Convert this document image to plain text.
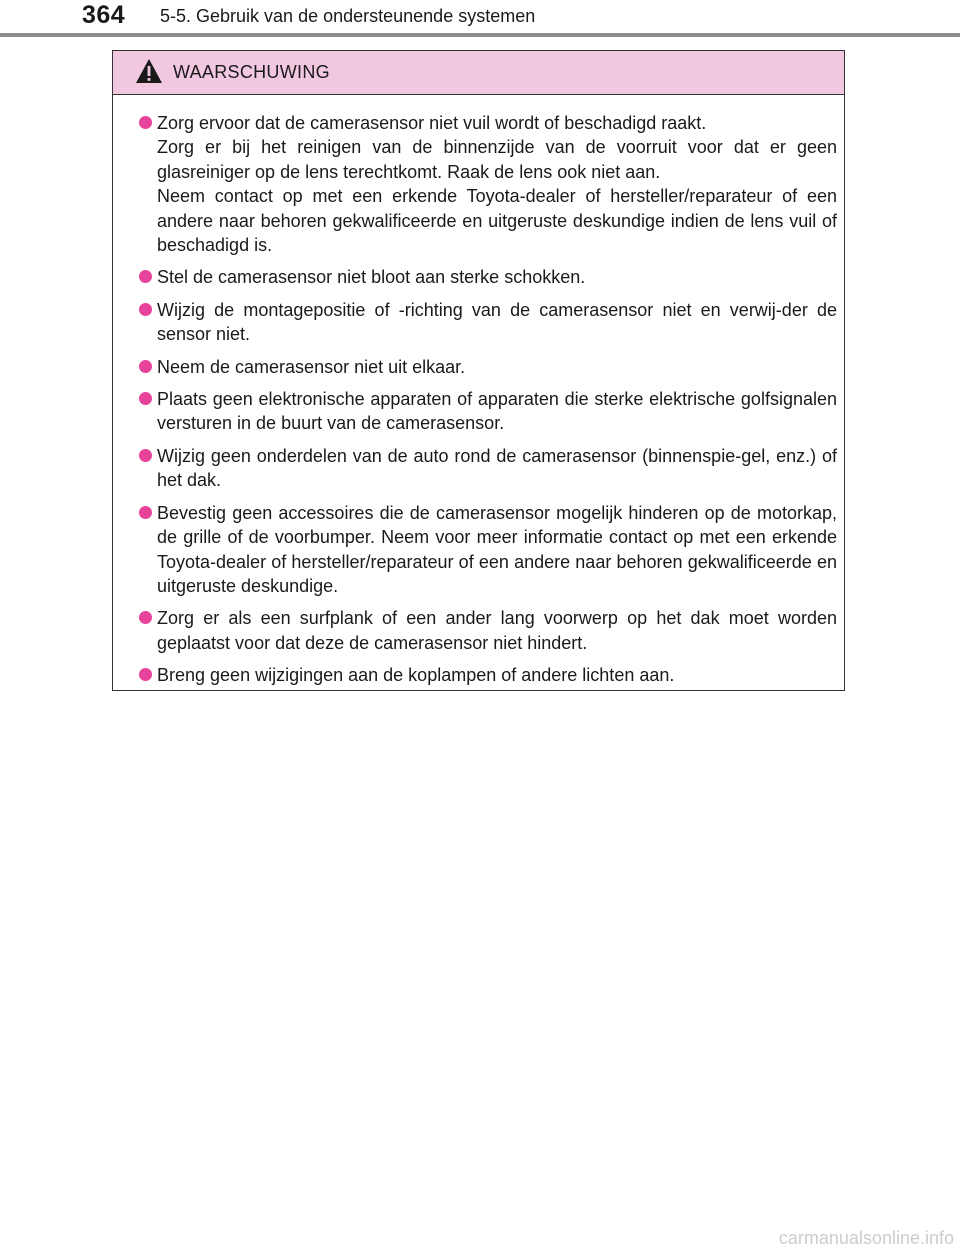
364 5-5. Gebruik van de ondersteunende systemen
WAARSCHUWING

Zorg ervoor dat de camerasensor niet vuil wordt of beschadigd raakt.

Zorg er bij het reinigen van de binnenzijde van de voorruit voor dat er geen glasreiniger op de lens terechtkomt. Raak de lens ook niet aan.

Neem contact op met een erkende Toyota-dealer of hersteller/reparateur of een andere naar behoren gekwalificeerde en uitgeruste deskundige indien de lens vuil of beschadigd is.

Stel de camerasensor niet bloot aan sterke schokken.

Wijzig de montagepositie of -richting van de camerasensor niet en verwij-der de sensor niet.

Neem de camerasensor niet uit elkaar.

Plaats geen elektronische apparaten of apparaten die sterke elektrische golfsignalen versturen in de buurt van de camerasensor.

Wijzig geen onderdelen van de auto rond de camerasensor (binnenspie-gel, enz.) of het dak.

Bevestig geen accessoires die de camerasensor mogelijk hinderen op de motorkap, de grille of de voorbumper. Neem voor meer informatie contact op met een erkende Toyota-dealer of hersteller/reparateur of een andere naar behoren gekwalificeerde en uitgeruste deskundige.

Zorg er als een surfplank of een ander lang voorwerp op het dak moet worden geplaatst voor dat deze de camerasensor niet hindert.

Breng geen wijzigingen aan de koplampen of andere lichten aan.

carmanualsonline.info
